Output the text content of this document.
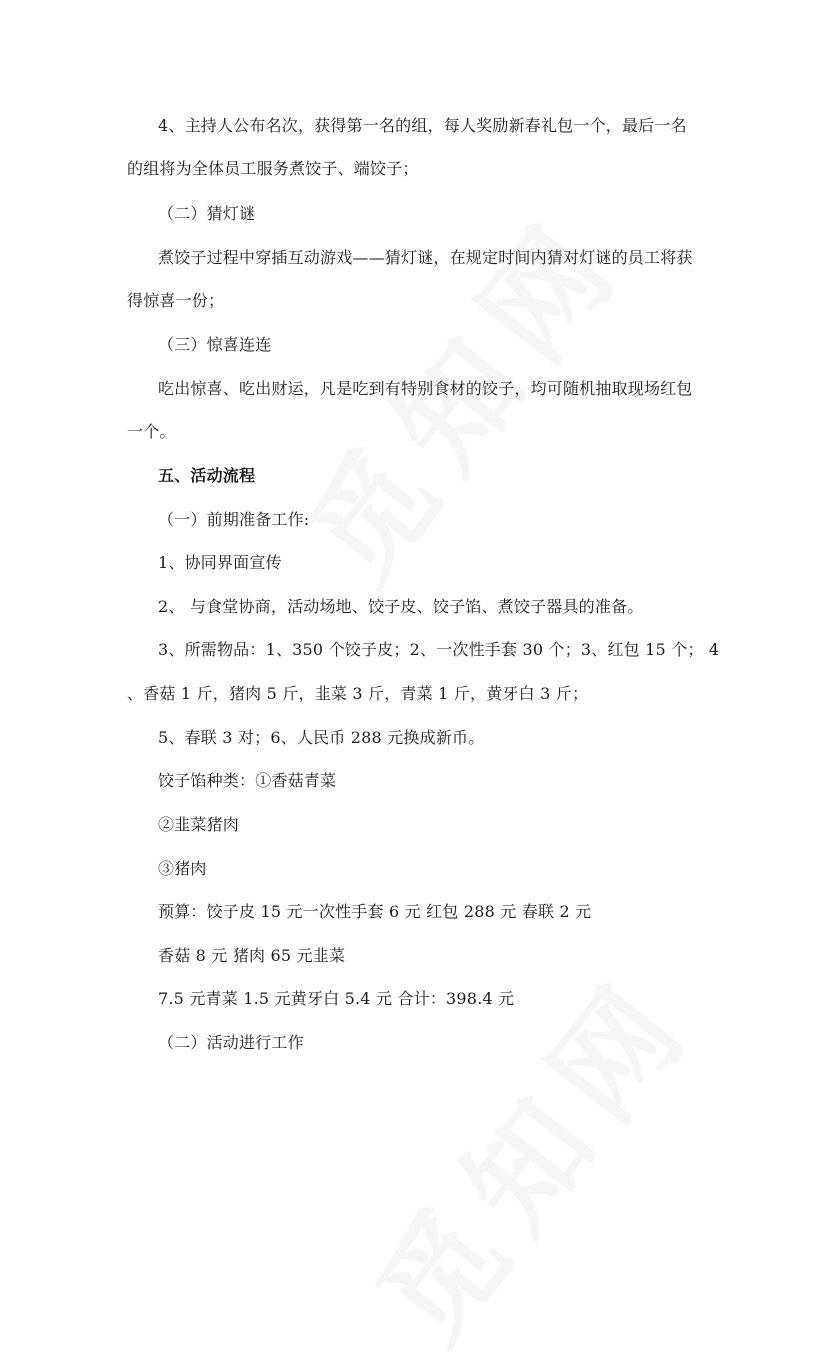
4、主持人公布名次，获得第一名的组，每人奖励新春礼包一个，最后一名
的组将为全体员工服务煮饺子、端饺子；
（二）猜灯谜
煮饺子过程中穿插互动游戏——猜灯谜，在规定时间内猜对灯谜的员工将获
得惊喜一份；
（三）惊喜连连
吃出惊喜、吃出财运，凡是吃到有特别食材的饺子，均可随机抽取现场红包
一个。
五、活动流程
（一）前期准备工作:
1、协同界面宣传
2、 与食堂协商，活动场地、饺子皮、饺子馅、煮饺子器具的准备。
3、所需物品：1、350 个饺子皮；2、一次性手套 30 个；3、红包 15 个； 4
、香菇 1 斤，猪肉 5 斤，韭菜 3 斤，青菜 1 斤，黄牙白 3 斤；
5、春联 3 对；6、人民币 288 元换成新币。
饺子馅种类：①香菇青菜
②韭菜猪肉
③猪肉
预算：饺子皮 15 元一次性手套 6 元 红包 288 元 春联 2 元
香菇 8 元 猪肉 65 元韭菜
7.5 元青菜 1.5 元黄牙白 5.4 元 合计：398.4 元
（二）活动进行工作
